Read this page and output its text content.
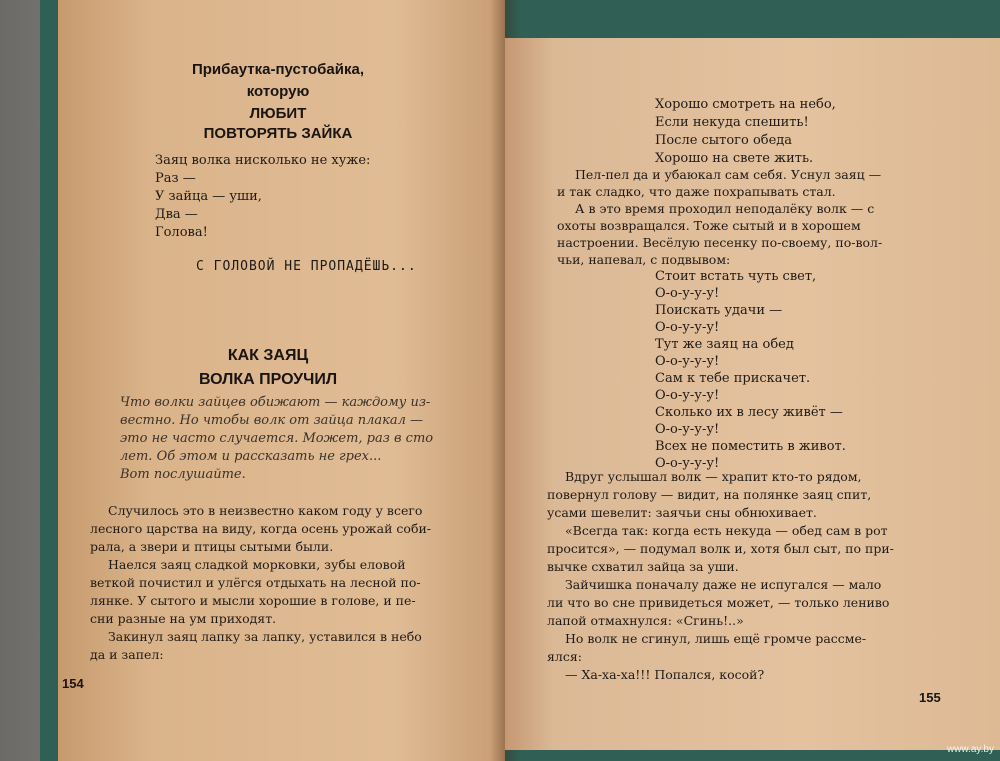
Прибаутка-пустобайка,
которую
ЛЮБИТ
ПОВТОРЯТЬ ЗАЙКА
Заяц волка нисколько не хуже:
Раз —
У зайца — уши,
Два —
Голова!
С ГОЛОВОЙ НЕ ПРОПАДЁШЬ...
КАК ЗАЯЦ
ВОЛКА ПРОУЧИЛ
Что волки зайцев обижают — каждому из-
вестно. Но чтобы волк от зайца плакал —
это не часто случается. Может, раз в сто
лет. Об этом и рассказать не грех...
Вот послушайте.
Случилось это в неизвестно каком году у всего
лесного царства на виду, когда осень урожай соби-
рала, а звери и птицы сытыми были.
Наелся заяц сладкой морковки, зубы еловой
веткой почистил и улёгся отдыхать на лесной по-
лянке. У сытого и мысли хорошие в голове, и пе-
сни разные на ум приходят.
Закинул заяц лапку за лапку, уставился в небо
да и запел:
154
Хорошо смотреть на небо,
Если некуда спешить!
После сытого обеда
Хорошо на свете жить.
Пел-пел да и убаюкал сам себя. Уснул заяц —
и так сладко, что даже похрапывать стал.
А в это время проходил неподалёку волк — с
охоты возвращался. Тоже сытый и в хорошем
настроении. Весёлую песенку по-своему, по-вол-
чьи, напевал, с подвывом:
Стоит встать чуть свет,
О-о-у-у-у!
Поискать удачи —
О-о-у-у-у!
Тут же заяц на обед
О-о-у-у-у!
Сам к тебе прискачет.
О-о-у-у-у!
Сколько их в лесу живёт —
О-о-у-у-у!
Всех не поместить в живот.
О-о-у-у-у!
Вдруг услышал волк — храпит кто-то рядом,
повернул голову — видит, на полянке заяц спит,
усами шевелит: заячьи сны обнюхивает.
«Всегда так: когда есть некуда — обед сам в рот
просится», — подумал волк и, хотя был сыт, по при-
вычке схватил зайца за уши.
Зайчишка поначалу даже не испугался — мало
ли что во сне привидеться может, — только лениво
лапой отмахнулся: «Сгинь!..»
Но волк не сгинул, лишь ещё громче рассме-
ялся:
— Ха-ха-ха!!! Попался, косой?
155
www.ay.by
